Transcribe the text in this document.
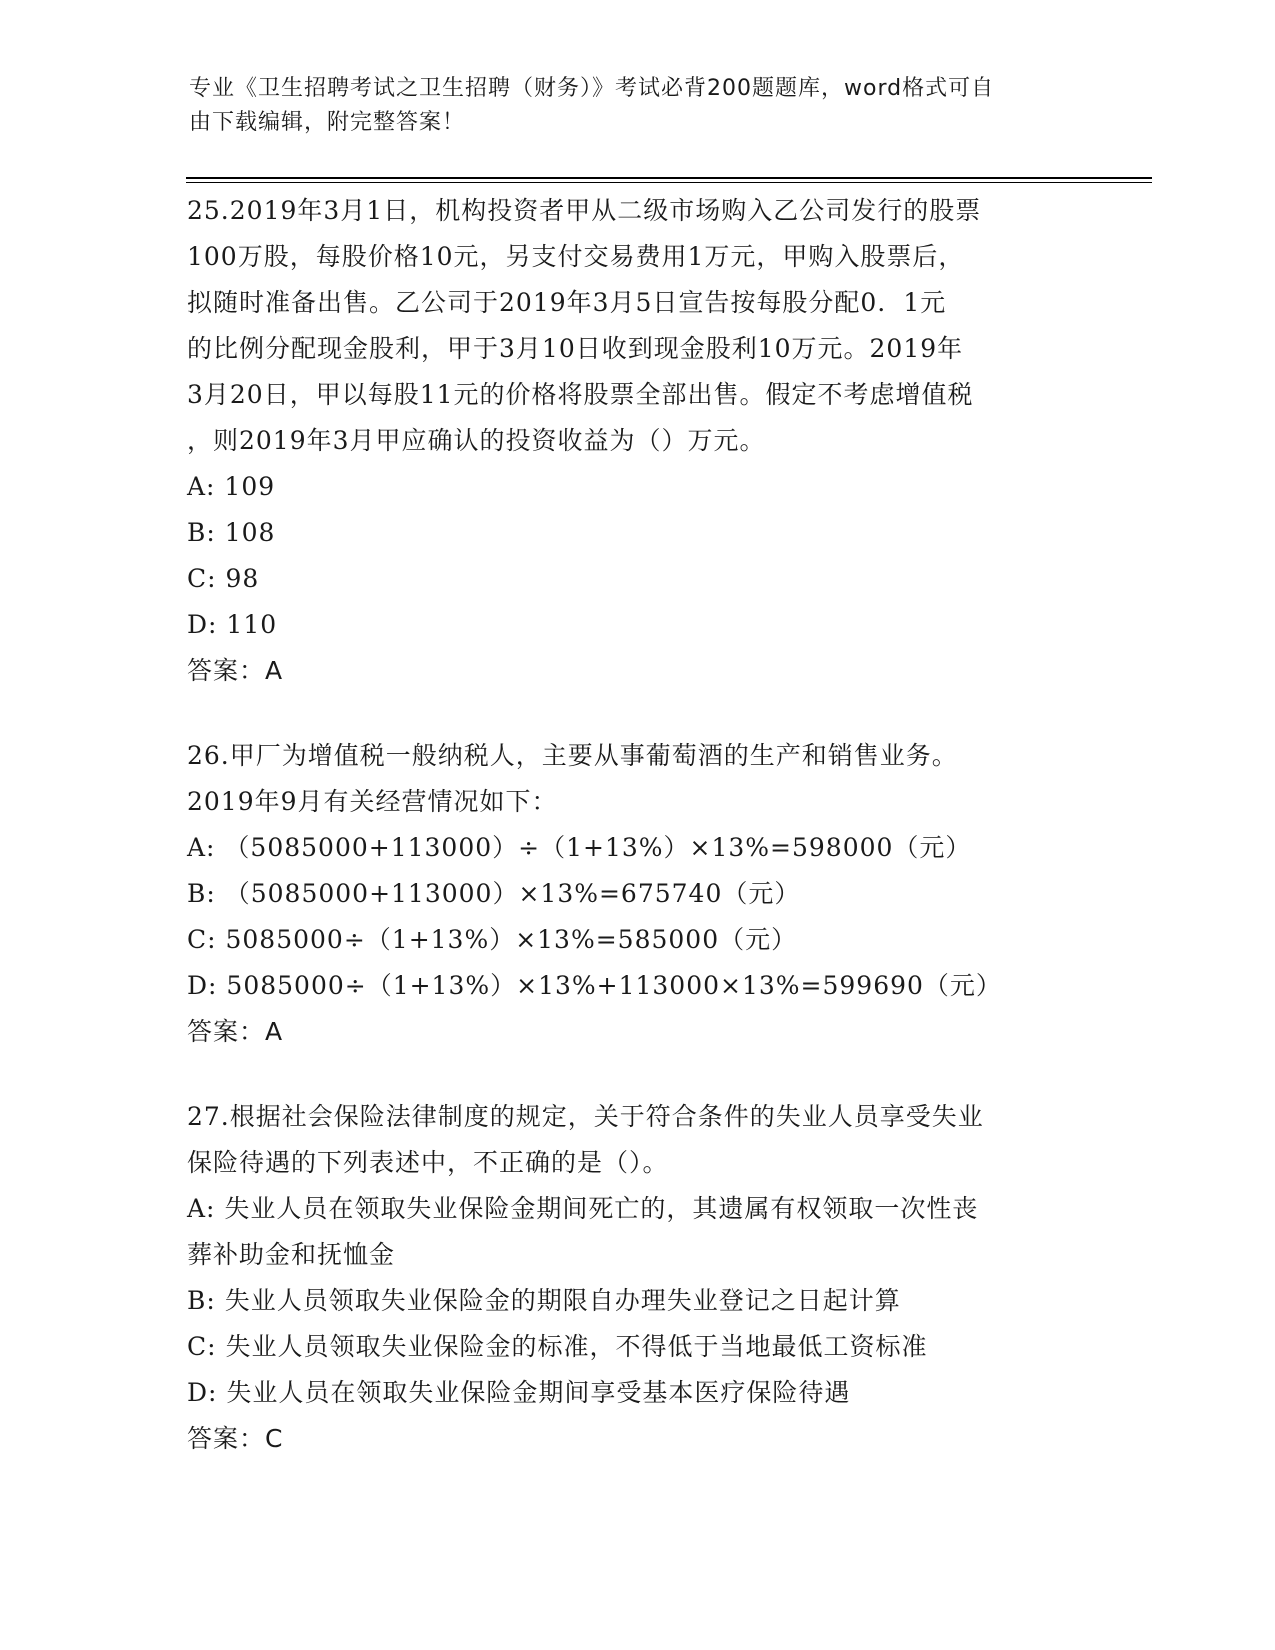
专业《卫生招聘考试之卫生招聘（财务）》考试必背200题题库，word格式可自
由下载编辑，附完整答案！
25.2019年3月1日，机构投资者甲从二级市场购入乙公司发行的股票
100万股，每股价格10元，另支付交易费用1万元，甲购入股票后，
拟随时准备出售。乙公司于2019年3月5日宣告按每股分配0．1元
的比例分配现金股利，甲于3月10日收到现金股利10万元。2019年
3月20日，甲以每股11元的价格将股票全部出售。假定不考虑增值税
，则2019年3月甲应确认的投资收益为（）万元。
A: 109
B: 108
C: 98
D: 110
答案：A
26.甲厂为增值税一般纳税人，主要从事葡萄酒的生产和销售业务。
2019年9月有关经营情况如下：
A: （5085000+113000）÷（1+13%）×13%=598000（元）
B: （5085000+113000）×13%=675740（元）
C: 5085000÷（1+13%）×13%=585000（元）
D: 5085000÷（1+13%）×13%+113000×13%=599690（元）
答案：A
27.根据社会保险法律制度的规定，关于符合条件的失业人员享受失业
保险待遇的下列表述中，不正确的是（）。
A: 失业人员在领取失业保险金期间死亡的，其遗属有权领取一次性丧
葬补助金和抚恤金
B: 失业人员领取失业保险金的期限自办理失业登记之日起计算
C: 失业人员领取失业保险金的标准，不得低于当地最低工资标准
D: 失业人员在领取失业保险金期间享受基本医疗保险待遇
答案：C
